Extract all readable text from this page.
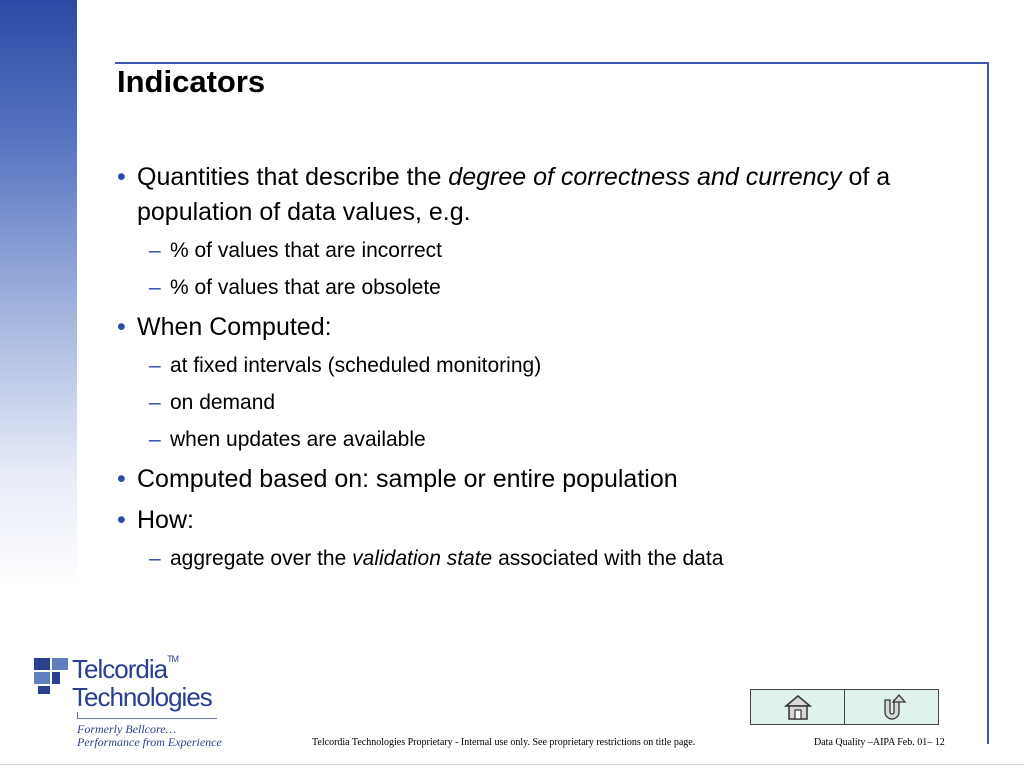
Indicators
• Quantities that describe the degree of correctness and currency of a population of data values, e.g.
– % of values that are incorrect
– % of values that are obsolete
• When Computed:
– at fixed intervals (scheduled monitoring)
– on demand
– when updates are available
• Computed based on: sample or entire population
• How:
– aggregate over the validation state associated with the data
Telcordia™
Technologies
Formerly Bellcore…
Performance from Experience	Telcordia Technologies Proprietary - Internal use only. See proprietary restrictions on title page.	Data Quality –AIPA Feb. 01– 12
